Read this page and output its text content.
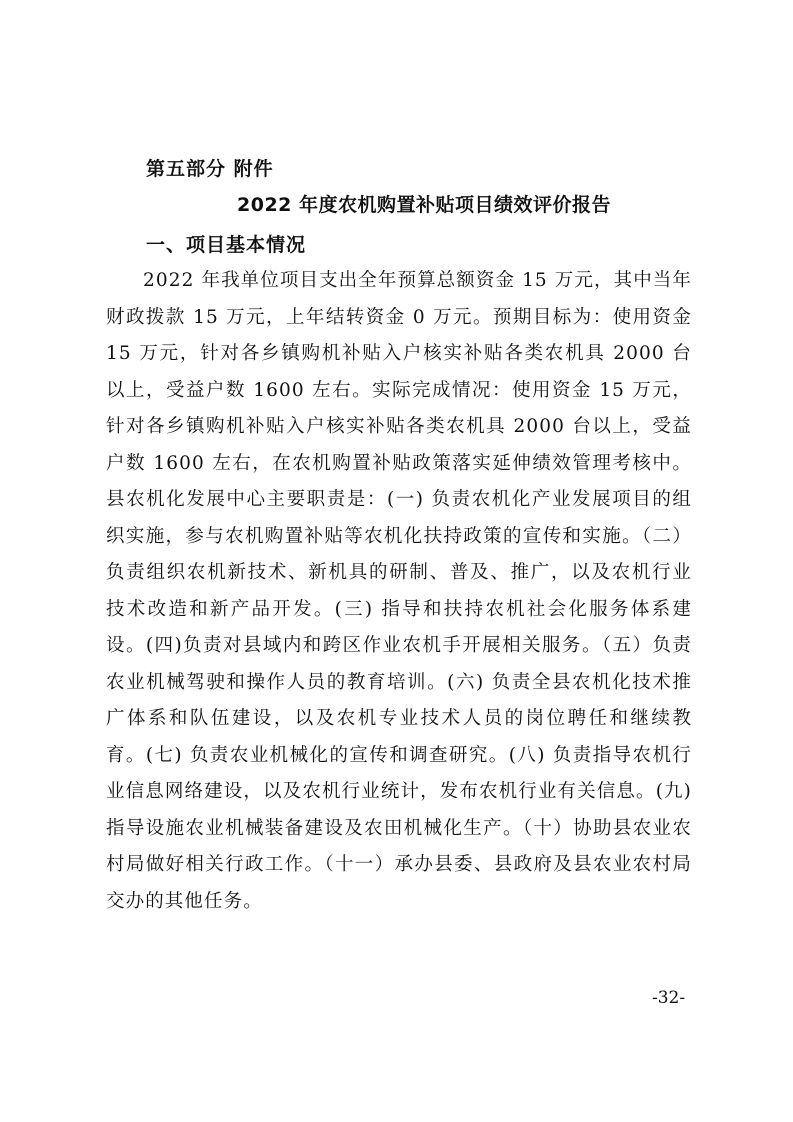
第五部分 附件
2022 年度农机购置补贴项目绩效评价报告
一、项目基本情况

2022 年我单位项目支出全年预算总额资金 15 万元，其中当年财政拨款 15 万元，上年结转资金 0 万元。预期目标为：使用资金 15 万元，针对各乡镇购机补贴入户核实补贴各类农机具 2000 台以上，受益户数 1600 左右。实际完成情况：使用资金 15 万元，针对各乡镇购机补贴入户核实补贴各类农机具 2000 台以上，受益户数 1600 左右，在农机购置补贴政策落实延伸绩效管理考核中。县农机化发展中心主要职责是：(一) 负责农机化产业发展项目的组织实施，参与农机购置补贴等农机化扶持政策的宣传和实施。（二）负责组织农机新技术、新机具的研制、普及、推广，以及农机行业技术改造和新产品开发。(三) 指导和扶持农机社会化服务体系建设。(四)负责对县域内和跨区作业农机手开展相关服务。（五）负责农业机械驾驶和操作人员的教育培训。(六) 负责全县农机化技术推广体系和队伍建设，以及农机专业技术人员的岗位聘任和继续教育。(七) 负责农业机械化的宣传和调查研究。(八) 负责指导农机行业信息网络建设，以及农机行业统计，发布农机行业有关信息。(九) 指导设施农业机械装备建设及农田机械化生产。（十）协助县农业农村局做好相关行政工作。（十一）承办县委、县政府及县农业农村局交办的其他任务。

-32-
